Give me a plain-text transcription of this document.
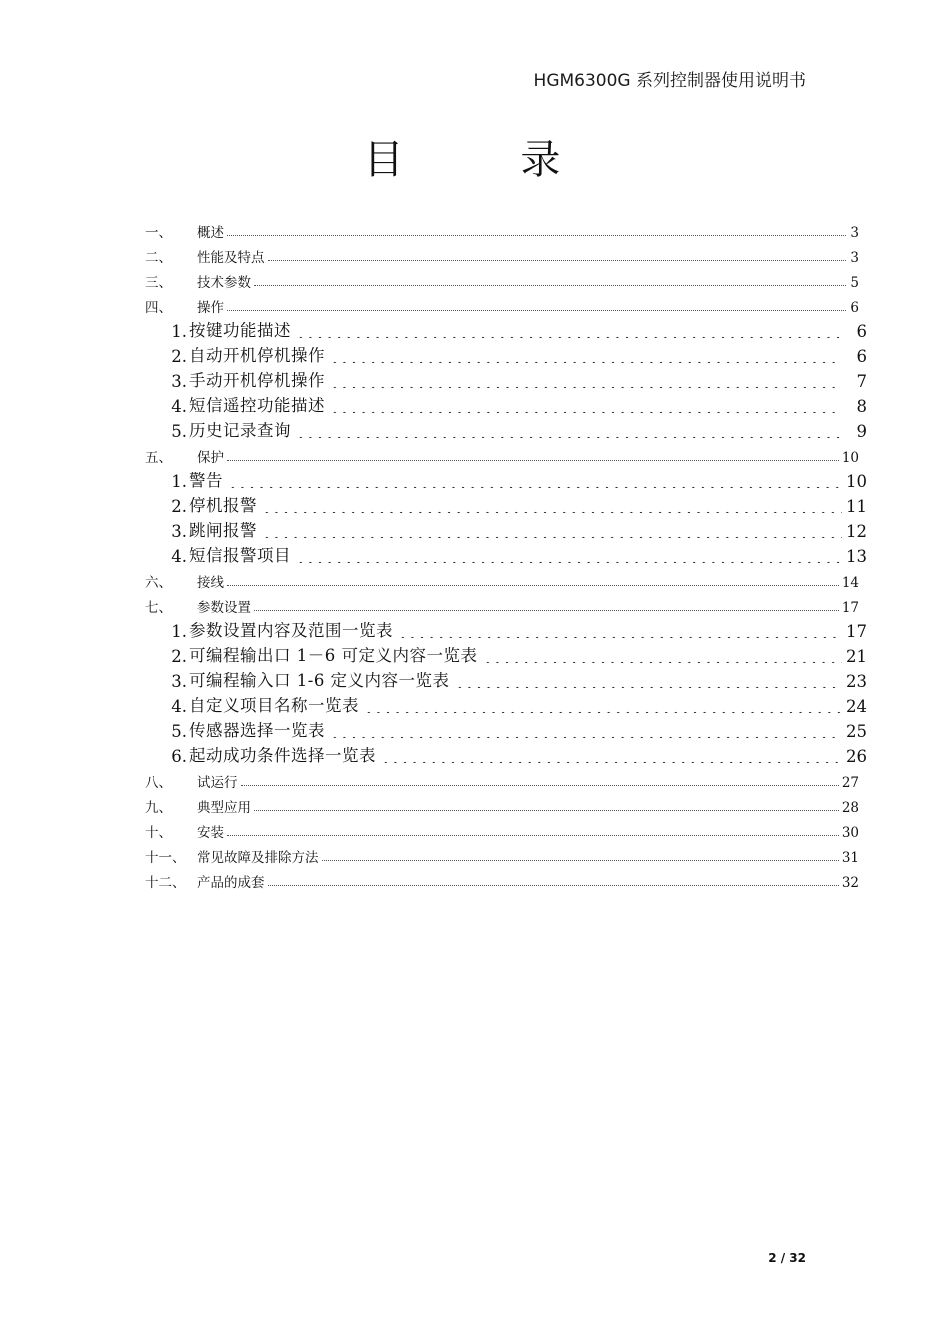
HGM6300G 系列控制器使用说明书
目 录
一、	概述	3
二、	性能及特点	3
三、	技术参数	5
四、	操作	6
1. 按键功能描述	6
2. 自动开机停机操作	6
3. 手动开机停机操作	7
4. 短信遥控功能描述	8
5. 历史记录查询	9
五、	保护	10
1. 警告	10
2. 停机报警	11
3. 跳闸报警	12
4. 短信报警项目	13
六、	接线	14
七、	参数设置	17
1. 参数设置内容及范围一览表	17
2. 可编程输出口 1－6 可定义内容一览表	21
3. 可编程输入口 1-6 定义内容一览表	23
4. 自定义项目名称一览表	24
5. 传感器选择一览表	25
6. 起动成功条件选择一览表	26
八、	试运行	27
九、	典型应用	28
十、	安装	30
十一、 常见故障及排除方法	31
十二、 产品的成套	32
2 / 32
